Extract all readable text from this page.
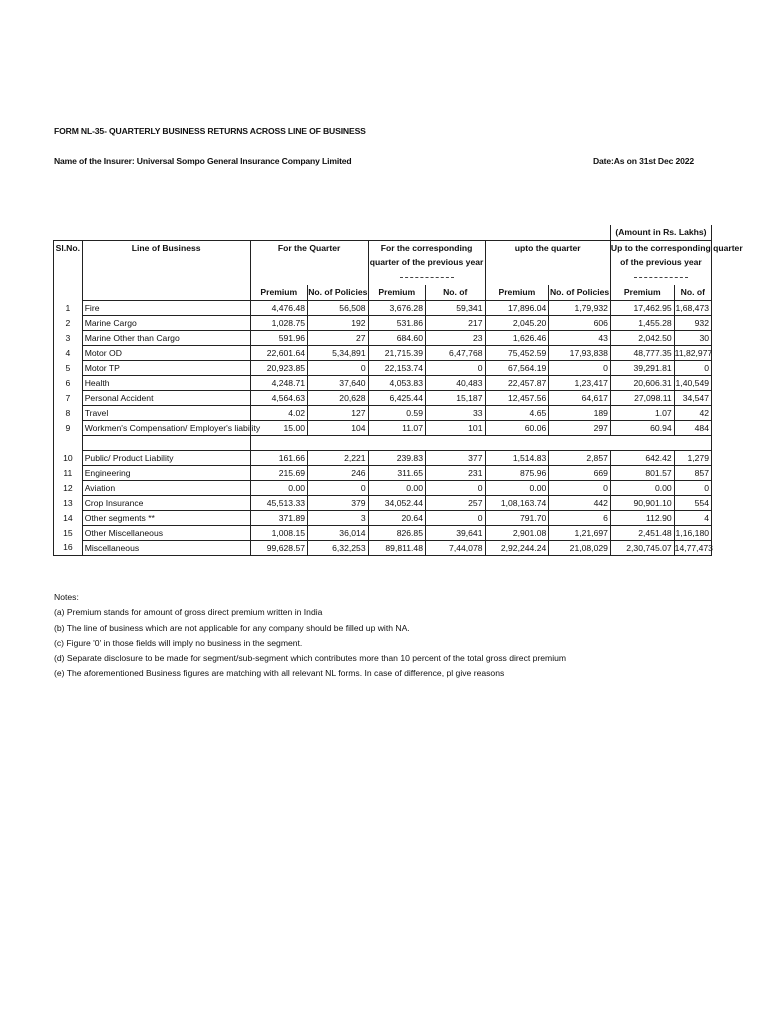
FORM NL-35- QUARTERLY BUSINESS RETURNS ACROSS LINE OF BUSINESS
Name of the Insurer: Universal Sompo General Insurance Company Limited	Date:As on 31st Dec 2022
								(Amount in Rs. Lakhs)	
Sl.No.	Line of Business	For the Quarter		For the corresponding		upto the quarter		Up to the corresponding quarter	
				quarter of the previous year				of the previous year	

		Premium	No. of Policies	Premium	No. of	Premium	No. of Policies	Premium	No. of
1	Fire	4,476.48	56,508	3,676.28	59,341	17,896.04	1,79,932	17,462.95	1,68,473
2	Marine Cargo	1,028.75	192	531.86	217	2,045.20	606	1,455.28	932
3	Marine Other than Cargo	591.96	27	684.60	23	1,626.46	43	2,042.50	30
4	Motor OD	22,601.64	5,34,891	21,715.39	6,47,768	75,452.59	17,93,838	48,777.35	11,82,977
5	Motor TP	20,923.85	0	22,153.74	0	67,564.19	0	39,291.81	0
6	Health	4,248.71	37,640	4,053.83	40,483	22,457.87	1,23,417	20,606.31	1,40,549
7	Personal Accident	4,564.63	20,628	6,425.44	15,187	12,457.56	64,617	27,098.11	34,547
8	Travel	4.02	127	0.59	33	4.65	189	1.07	42
9	Workmen's Compensation/ Employer's liability	15.00	104	11.07	101	60.06	297	60.94	484

10	Public/ Product Liability	161.66	2,221	239.83	377	1,514.83	2,857	642.42	1,279
11	Engineering	215.69	246	311.65	231	875.96	669	801.57	857
12	Aviation	0.00	0	0.00	0	0.00	0	0.00	0
13	Crop Insurance	45,513.33	379	34,052.44	257	1,08,163.74	442	90,901.10	554
14	Other segments **	371.89	3	20.64	0	791.70	6	112.90	4
15	Other Miscellaneous	1,008.15	36,014	826.85	39,641	2,901.08	1,21,697	2,451.48	1,16,180
16	Miscellaneous	99,628.57	6,32,253	89,811.48	7,44,078	2,92,244.24	21,08,029	2,30,745.07	14,77,473
Notes:
(a) Premium stands for amount of gross direct premium written in India
(b) The line of business which are not applicable for any company should be filled up with NA.
(c) Figure '0' in those fields will imply no business in the segment.
(d) Separate disclosure to be made for segment/sub-segment which contributes more than 10 percent of the total gross direct premium
(e) The aforementioned Business figures are matching with all relevant NL forms. In case of difference, pl give reasons
